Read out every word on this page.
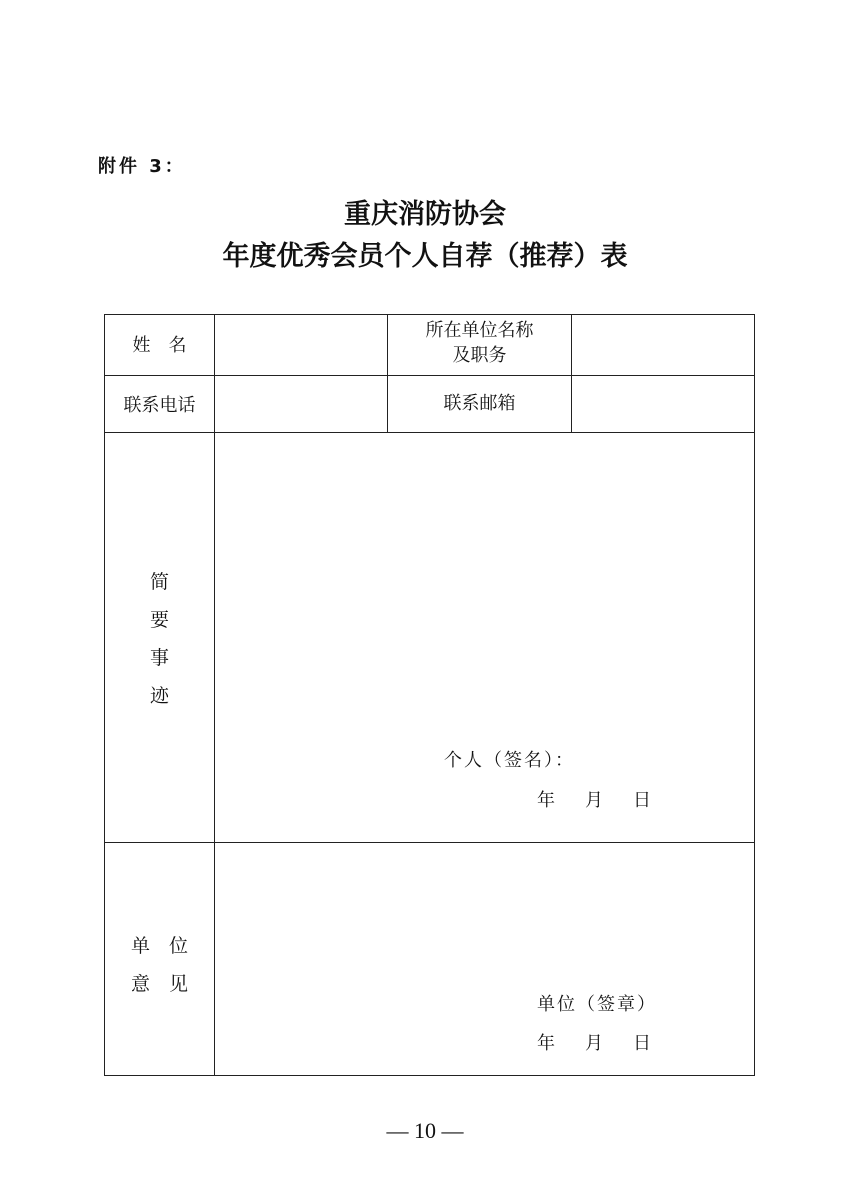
附件 3：
重庆消防协会
年度优秀会员个人自荐（推荐）表
姓　名
所在单位名称
及职务
联系电话	联系邮箱
简
要
事
迹
个人（签名）：
年 月 日
单　位
意　见
单位（签章）
年 月 日
— 10 —
